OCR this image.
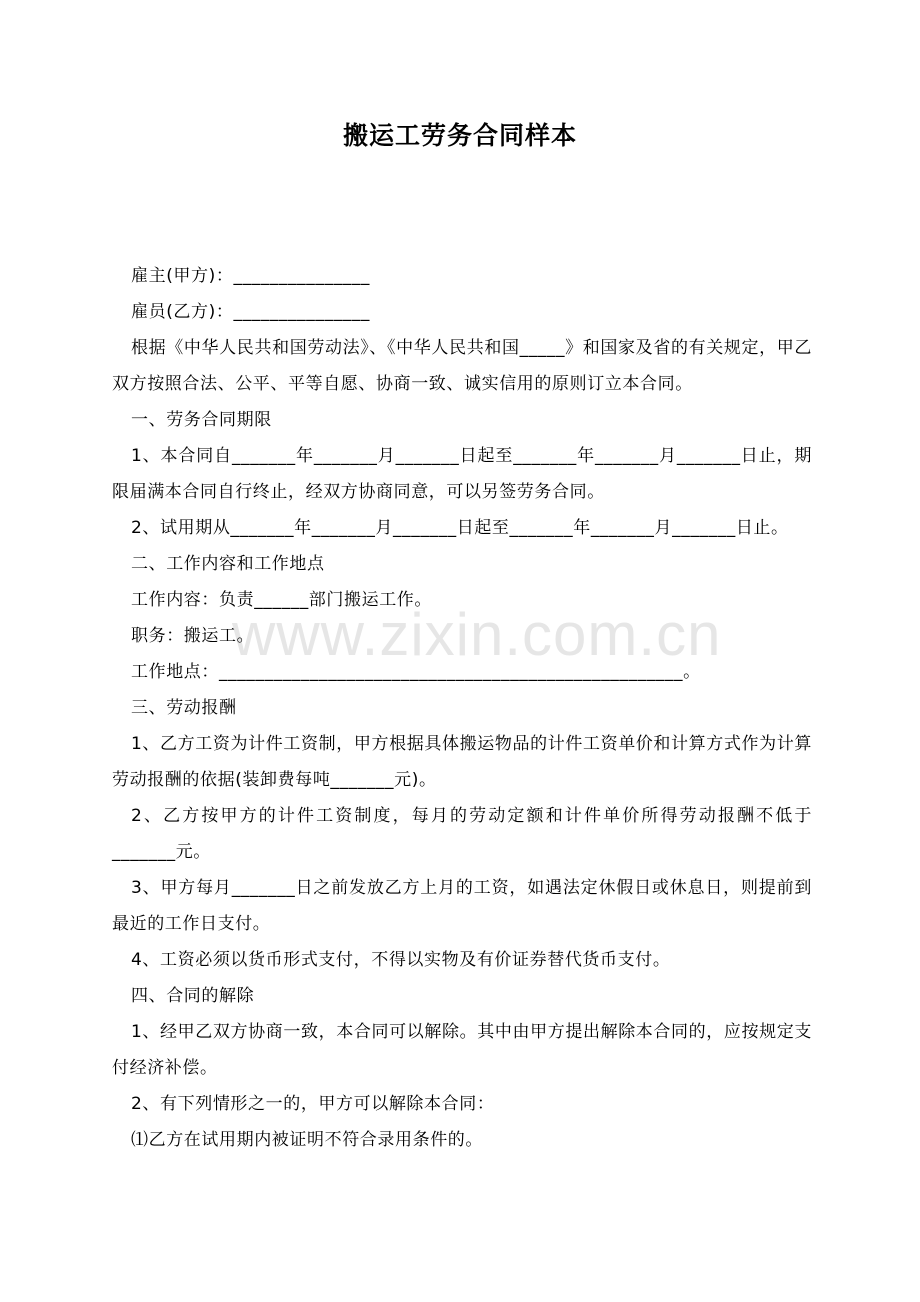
搬运工劳务合同样本
www.zixin.com.cn

雇主(甲方)：_______________

雇员(乙方)：_______________

根据《中华人民共和国劳动法》、《中华人民共和国_____》和国家及省的有关规定，甲乙双方按照合法、公平、平等自愿、协商一致、诚实信用的原则订立本合同。

一、劳务合同期限

1、本合同自_______年_______月_______日起至_______年_______月_______日止，期限届满本合同自行终止，经双方协商同意，可以另签劳务合同。

2、试用期从_______年_______月_______日起至_______年_______月_______日止。

二、工作内容和工作地点

工作内容：负责______部门搬运工作。

职务：搬运工。

工作地点：___________________________________________________。

三、劳动报酬

1、乙方工资为计件工资制，甲方根据具体搬运物品的计件工资单价和计算方式作为计算劳动报酬的依据(装卸费每吨_______元)。

2、乙方按甲方的计件工资制度，每月的劳动定额和计件单价所得劳动报酬不低于_______元。

3、甲方每月_______日之前发放乙方上月的工资，如遇法定休假日或休息日，则提前到最近的工作日支付。

4、工资必须以货币形式支付，不得以实物及有价证券替代货币支付。

四、合同的解除

1、经甲乙双方协商一致，本合同可以解除。其中由甲方提出解除本合同的，应按规定支付经济补偿。

2、有下列情形之一的，甲方可以解除本合同：

⑴乙方在试用期内被证明不符合录用条件的。
